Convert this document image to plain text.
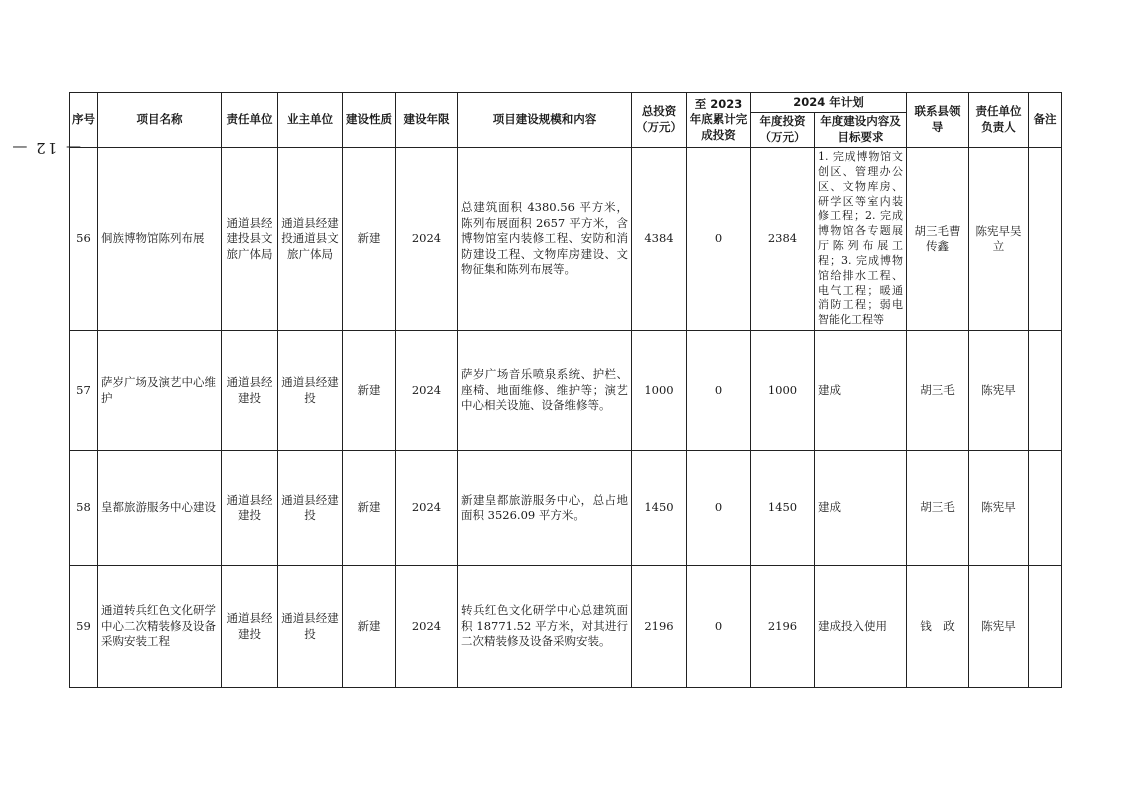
— 12 —
序号	项目名称	责任单位	业主单位	建设性质	建设年限	项目建设规模和内容	总投资（万元）	至 2023 年底累计完成投资	2024 年计划		联系县领导	责任单位负责人	备注
									年度投资（万元）	年度建设内容及目标要求			
56	侗族博物馆陈列布展	通道县经建投县文旅广体局	通道县经建投通道县文旅广体局	新建	2024	总建筑面积 4380.56 平方米，陈列布展面积 2657 平方米，含博物馆室内装修工程、安防和消防建设工程、文物库房建设、文物征集和陈列布展等。	4384	0	2384	1. 完成博物馆文创区、管理办公区、文物库房、研学区等室内装修工程；2. 完成博物馆各专题展厅陈列布展工程；3. 完成博物馆给排水工程、电气工程；暖通消防工程；弱电智能化工程等	胡三毛曹传鑫	陈宪早吴　立	
57	萨岁广场及演艺中心维护	通道县经建投	通道县经建投	新建	2024	萨岁广场音乐喷泉系统、护栏、座椅、地面维修、维护等；演艺中心相关设施、设备维修等。	1000	0	1000	建成	胡三毛	陈宪早	
58	皇都旅游服务中心建设	通道县经建投	通道县经建投	新建	2024	新建皇都旅游服务中心，总占地面积 3526.09 平方米。	1450	0	1450	建成	胡三毛	陈宪早	
59	通道转兵红色文化研学中心二次精装修及设备采购安装工程	通道县经建投	通道县经建投	新建	2024	转兵红色文化研学中心总建筑面积 18771.52 平方米，对其进行二次精装修及设备采购安装。	2196	0	2196	建成投入使用	钱　政	陈宪早	
